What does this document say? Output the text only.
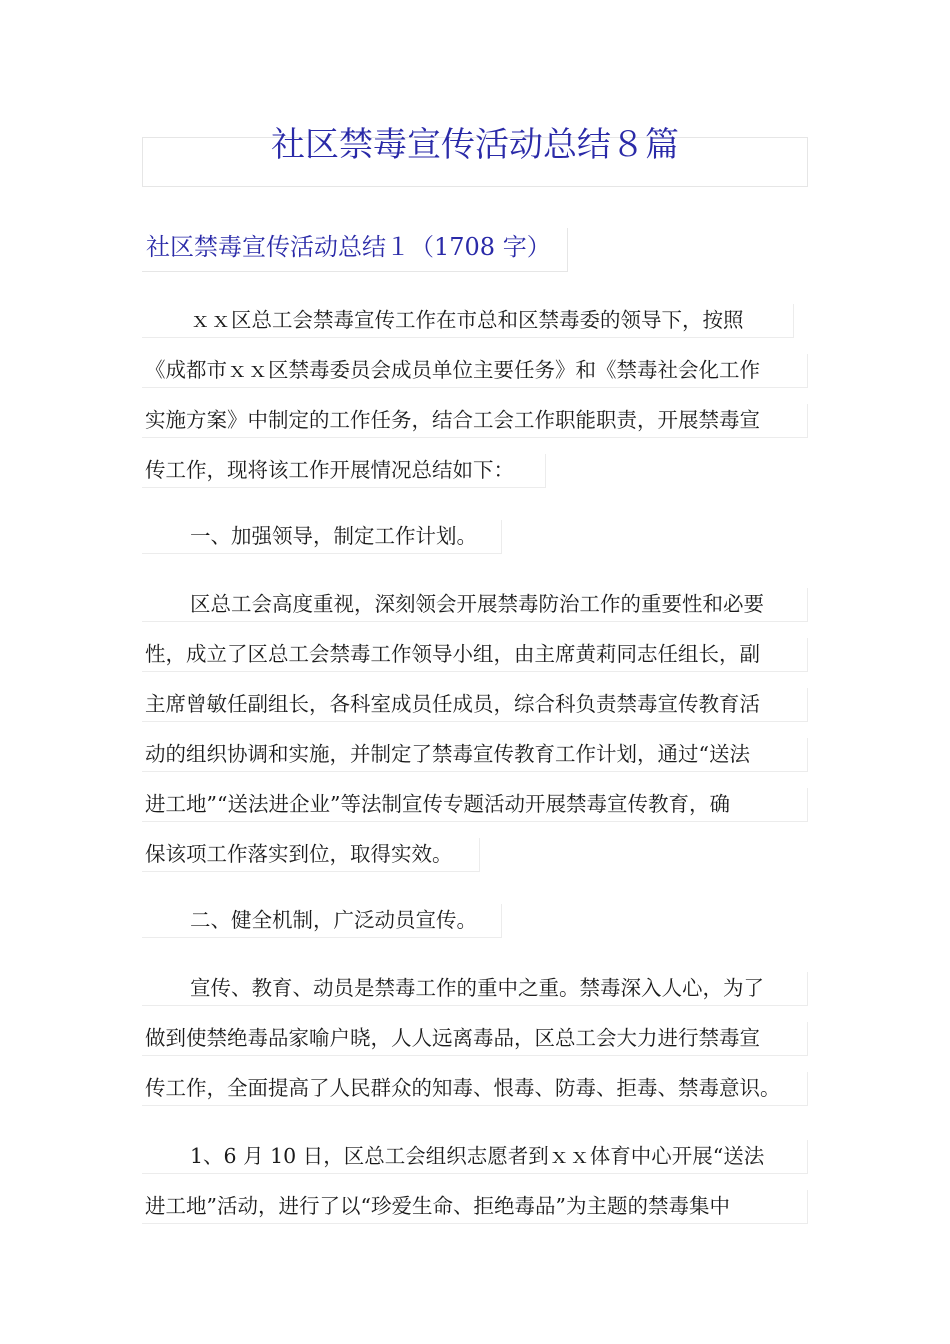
社区禁毒宣传活动总结８篇
社区禁毒宣传活动总结１（1708 字）
ｘｘ区总工会禁毒宣传工作在市总和区禁毒委的领导下，按照
《成都市ｘｘ区禁毒委员会成员单位主要任务》和《禁毒社会化工作
实施方案》中制定的工作任务，结合工会工作职能职责，开展禁毒宣
传工作，现将该工作开展情况总结如下：
一、加强领导，制定工作计划。
区总工会高度重视，深刻领会开展禁毒防治工作的重要性和必要
性，成立了区总工会禁毒工作领导小组，由主席黄莉同志任组长，副
主席曾敏任副组长，各科室成员任成员，综合科负责禁毒宣传教育活
动的组织协调和实施，并制定了禁毒宣传教育工作计划，通过“送法
进工地”“送法进企业”等法制宣传专题活动开展禁毒宣传教育，确
保该项工作落实到位，取得实效。
二、健全机制，广泛动员宣传。
宣传、教育、动员是禁毒工作的重中之重。禁毒深入人心，为了
做到使禁绝毒品家喻户晓，人人远离毒品，区总工会大力进行禁毒宣
传工作，全面提高了人民群众的知毒、恨毒、防毒、拒毒、禁毒意识。
1、6 月 10 日，区总工会组织志愿者到ｘｘ体育中心开展“送法
进工地”活动，进行了以“珍爱生命、拒绝毒品”为主题的禁毒集中
